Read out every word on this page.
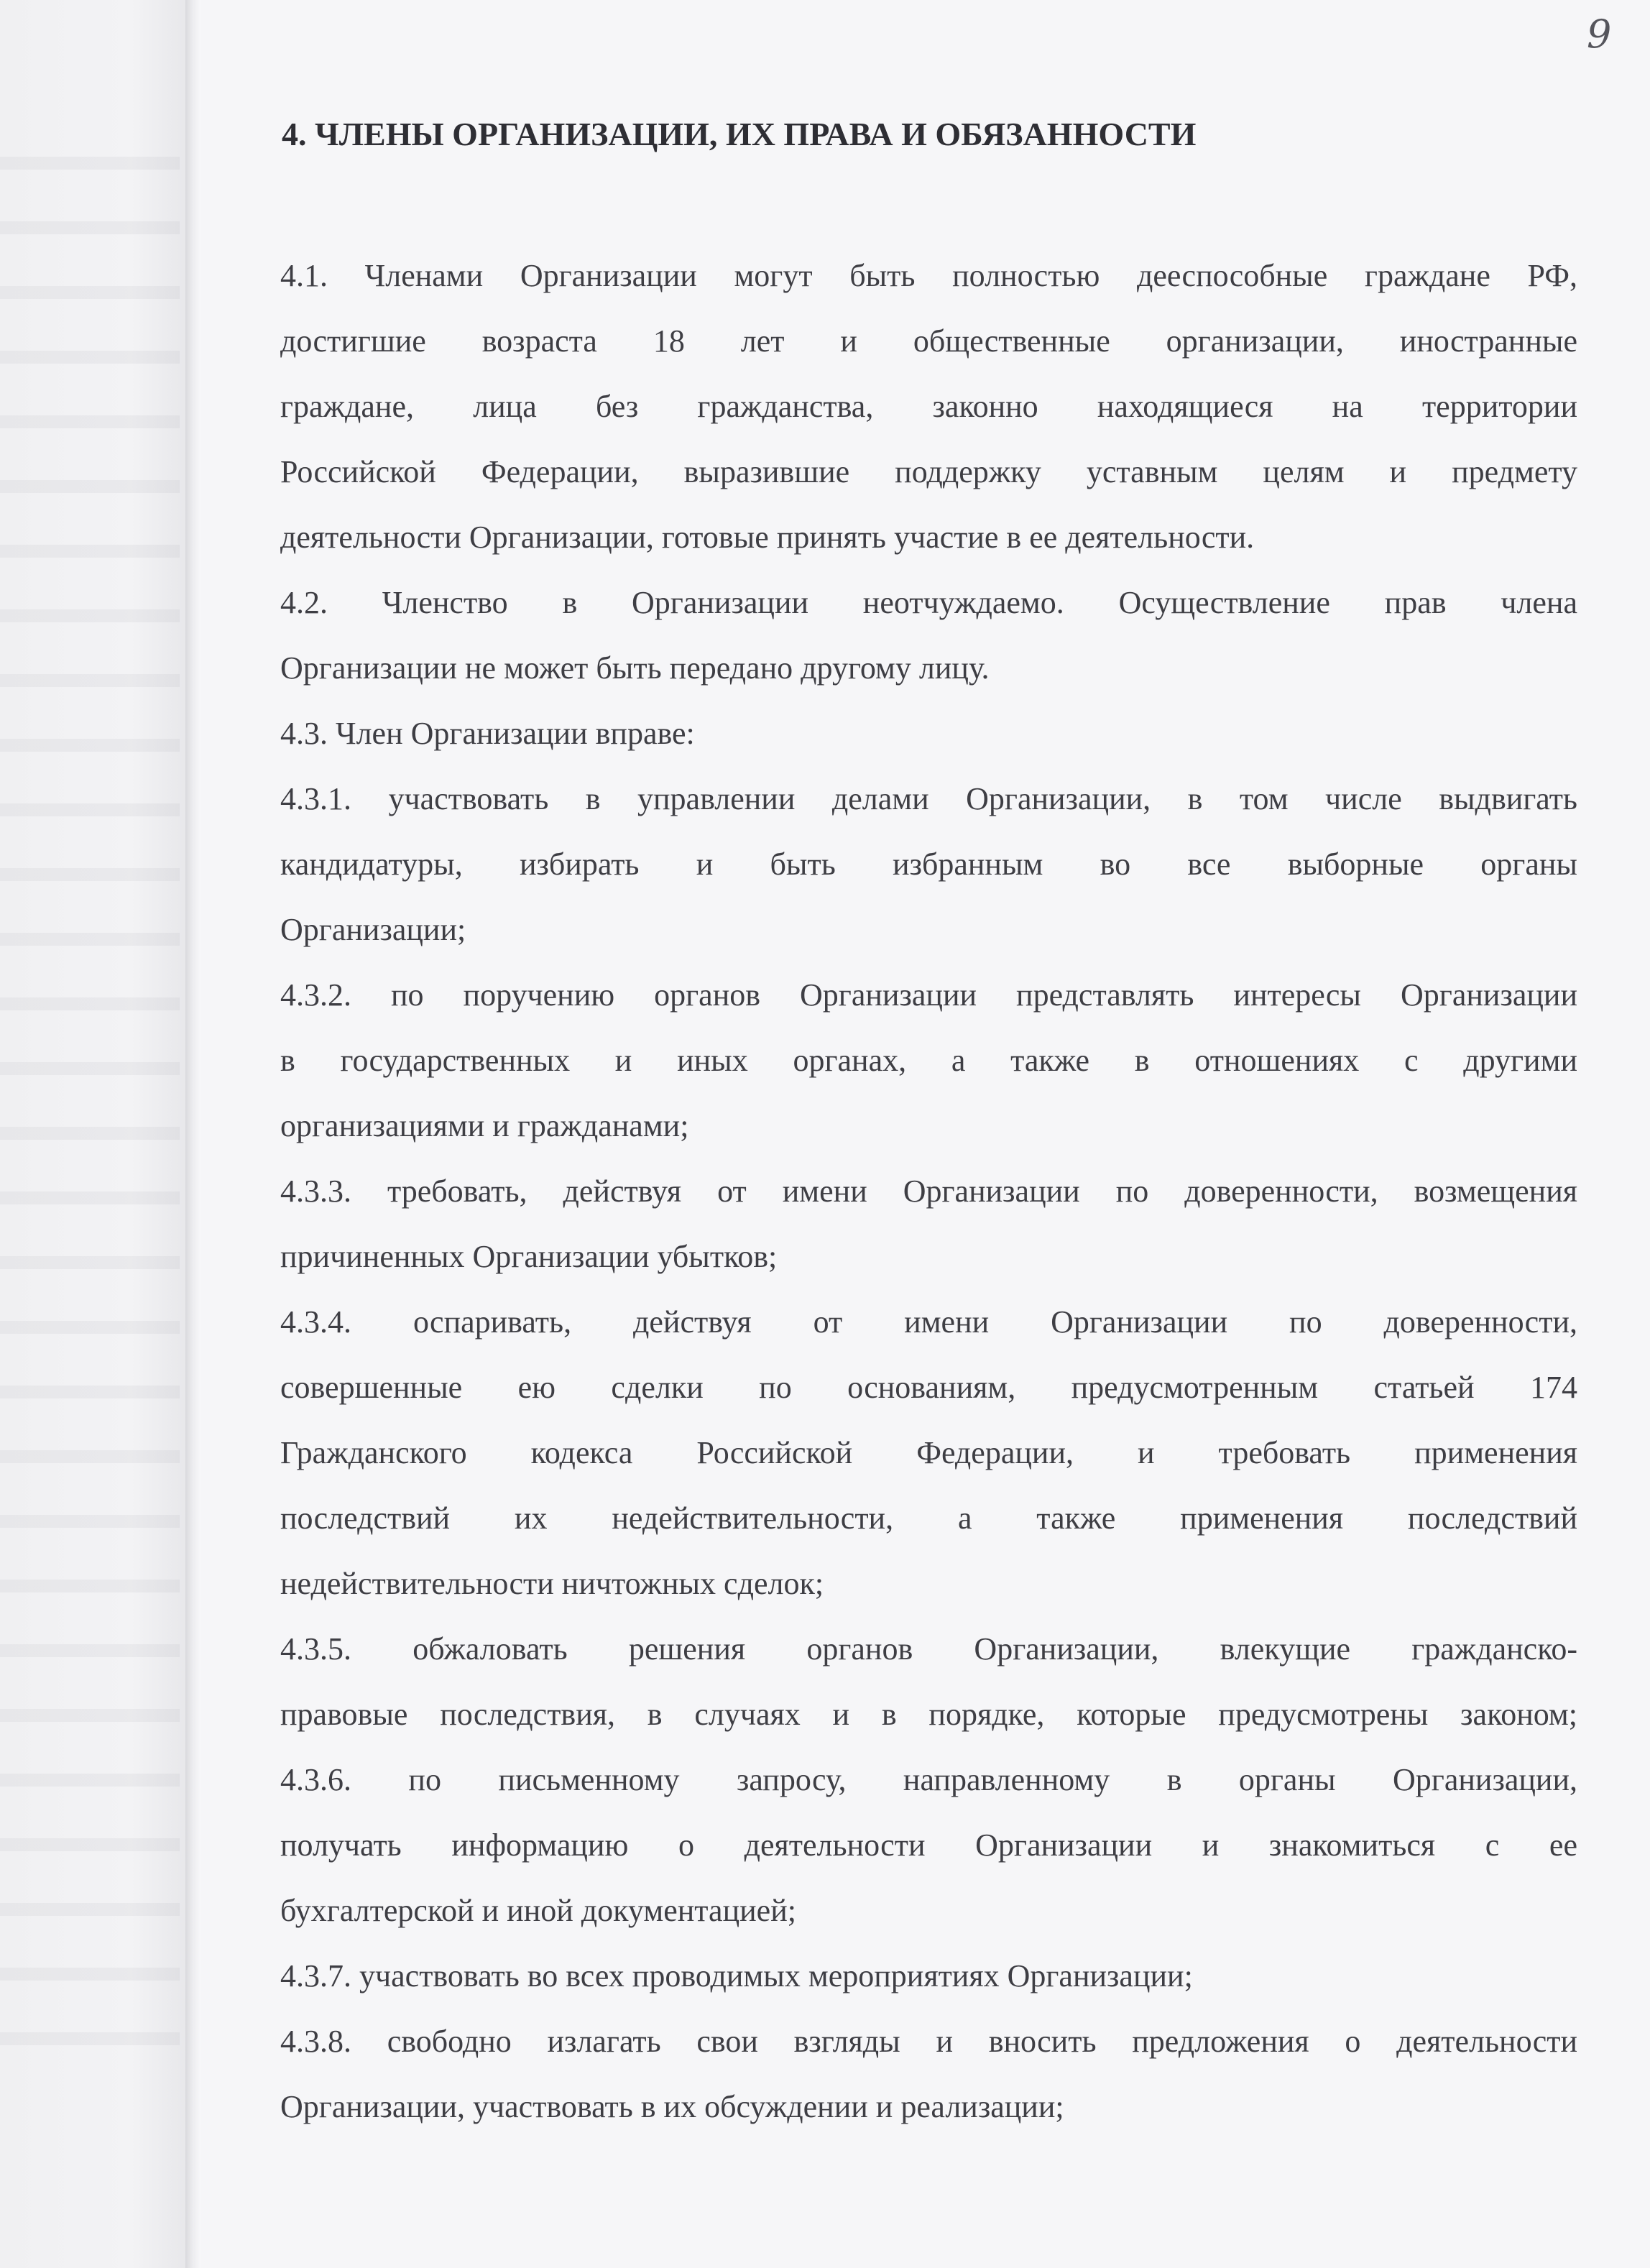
9
4. ЧЛЕНЫ ОРГАНИЗАЦИИ, ИХ ПРАВА И ОБЯЗАННОСТИ
4.1. Членами Организации могут быть полностью дееспособные граждане РФ,
достигшие возраста 18 лет и общественные организации, иностранные
граждане, лица без гражданства, законно находящиеся на территории
Российской Федерации, выразившие поддержку уставным целям и предмету
деятельности Организации, готовые принять участие в ее деятельности.
4.2. Членство в Организации неотчуждаемо. Осуществление прав члена
Организации не может быть передано другому лицу.
4.3. Член Организации вправе:
4.3.1. участвовать в управлении делами Организации, в том числе выдвигать
кандидатуры, избирать и быть избранным во все выборные органы
Организации;
4.3.2. по поручению органов Организации представлять интересы Организации
в государственных и иных органах, а также в отношениях с другими
организациями и гражданами;
4.3.3. требовать, действуя от имени Организации по доверенности, возмещения
причиненных Организации убытков;
4.3.4. оспаривать, действуя от имени Организации по доверенности,
совершенные ею сделки по основаниям, предусмотренным статьей 174
Гражданского кодекса Российской Федерации, и требовать применения
последствий их недействительности, а также применения последствий
недействительности ничтожных сделок;
4.3.5. обжаловать решения органов Организации, влекущие гражданско-
правовые последствия, в случаях и в порядке, которые предусмотрены законом;
4.3.6. по письменному запросу, направленному в органы Организации,
получать информацию о деятельности Организации и знакомиться с ее
бухгалтерской и иной документацией;
4.3.7. участвовать во всех проводимых мероприятиях Организации;
4.3.8. свободно излагать свои взгляды и вносить предложения о деятельности
Организации, участвовать в их обсуждении и реализации;
